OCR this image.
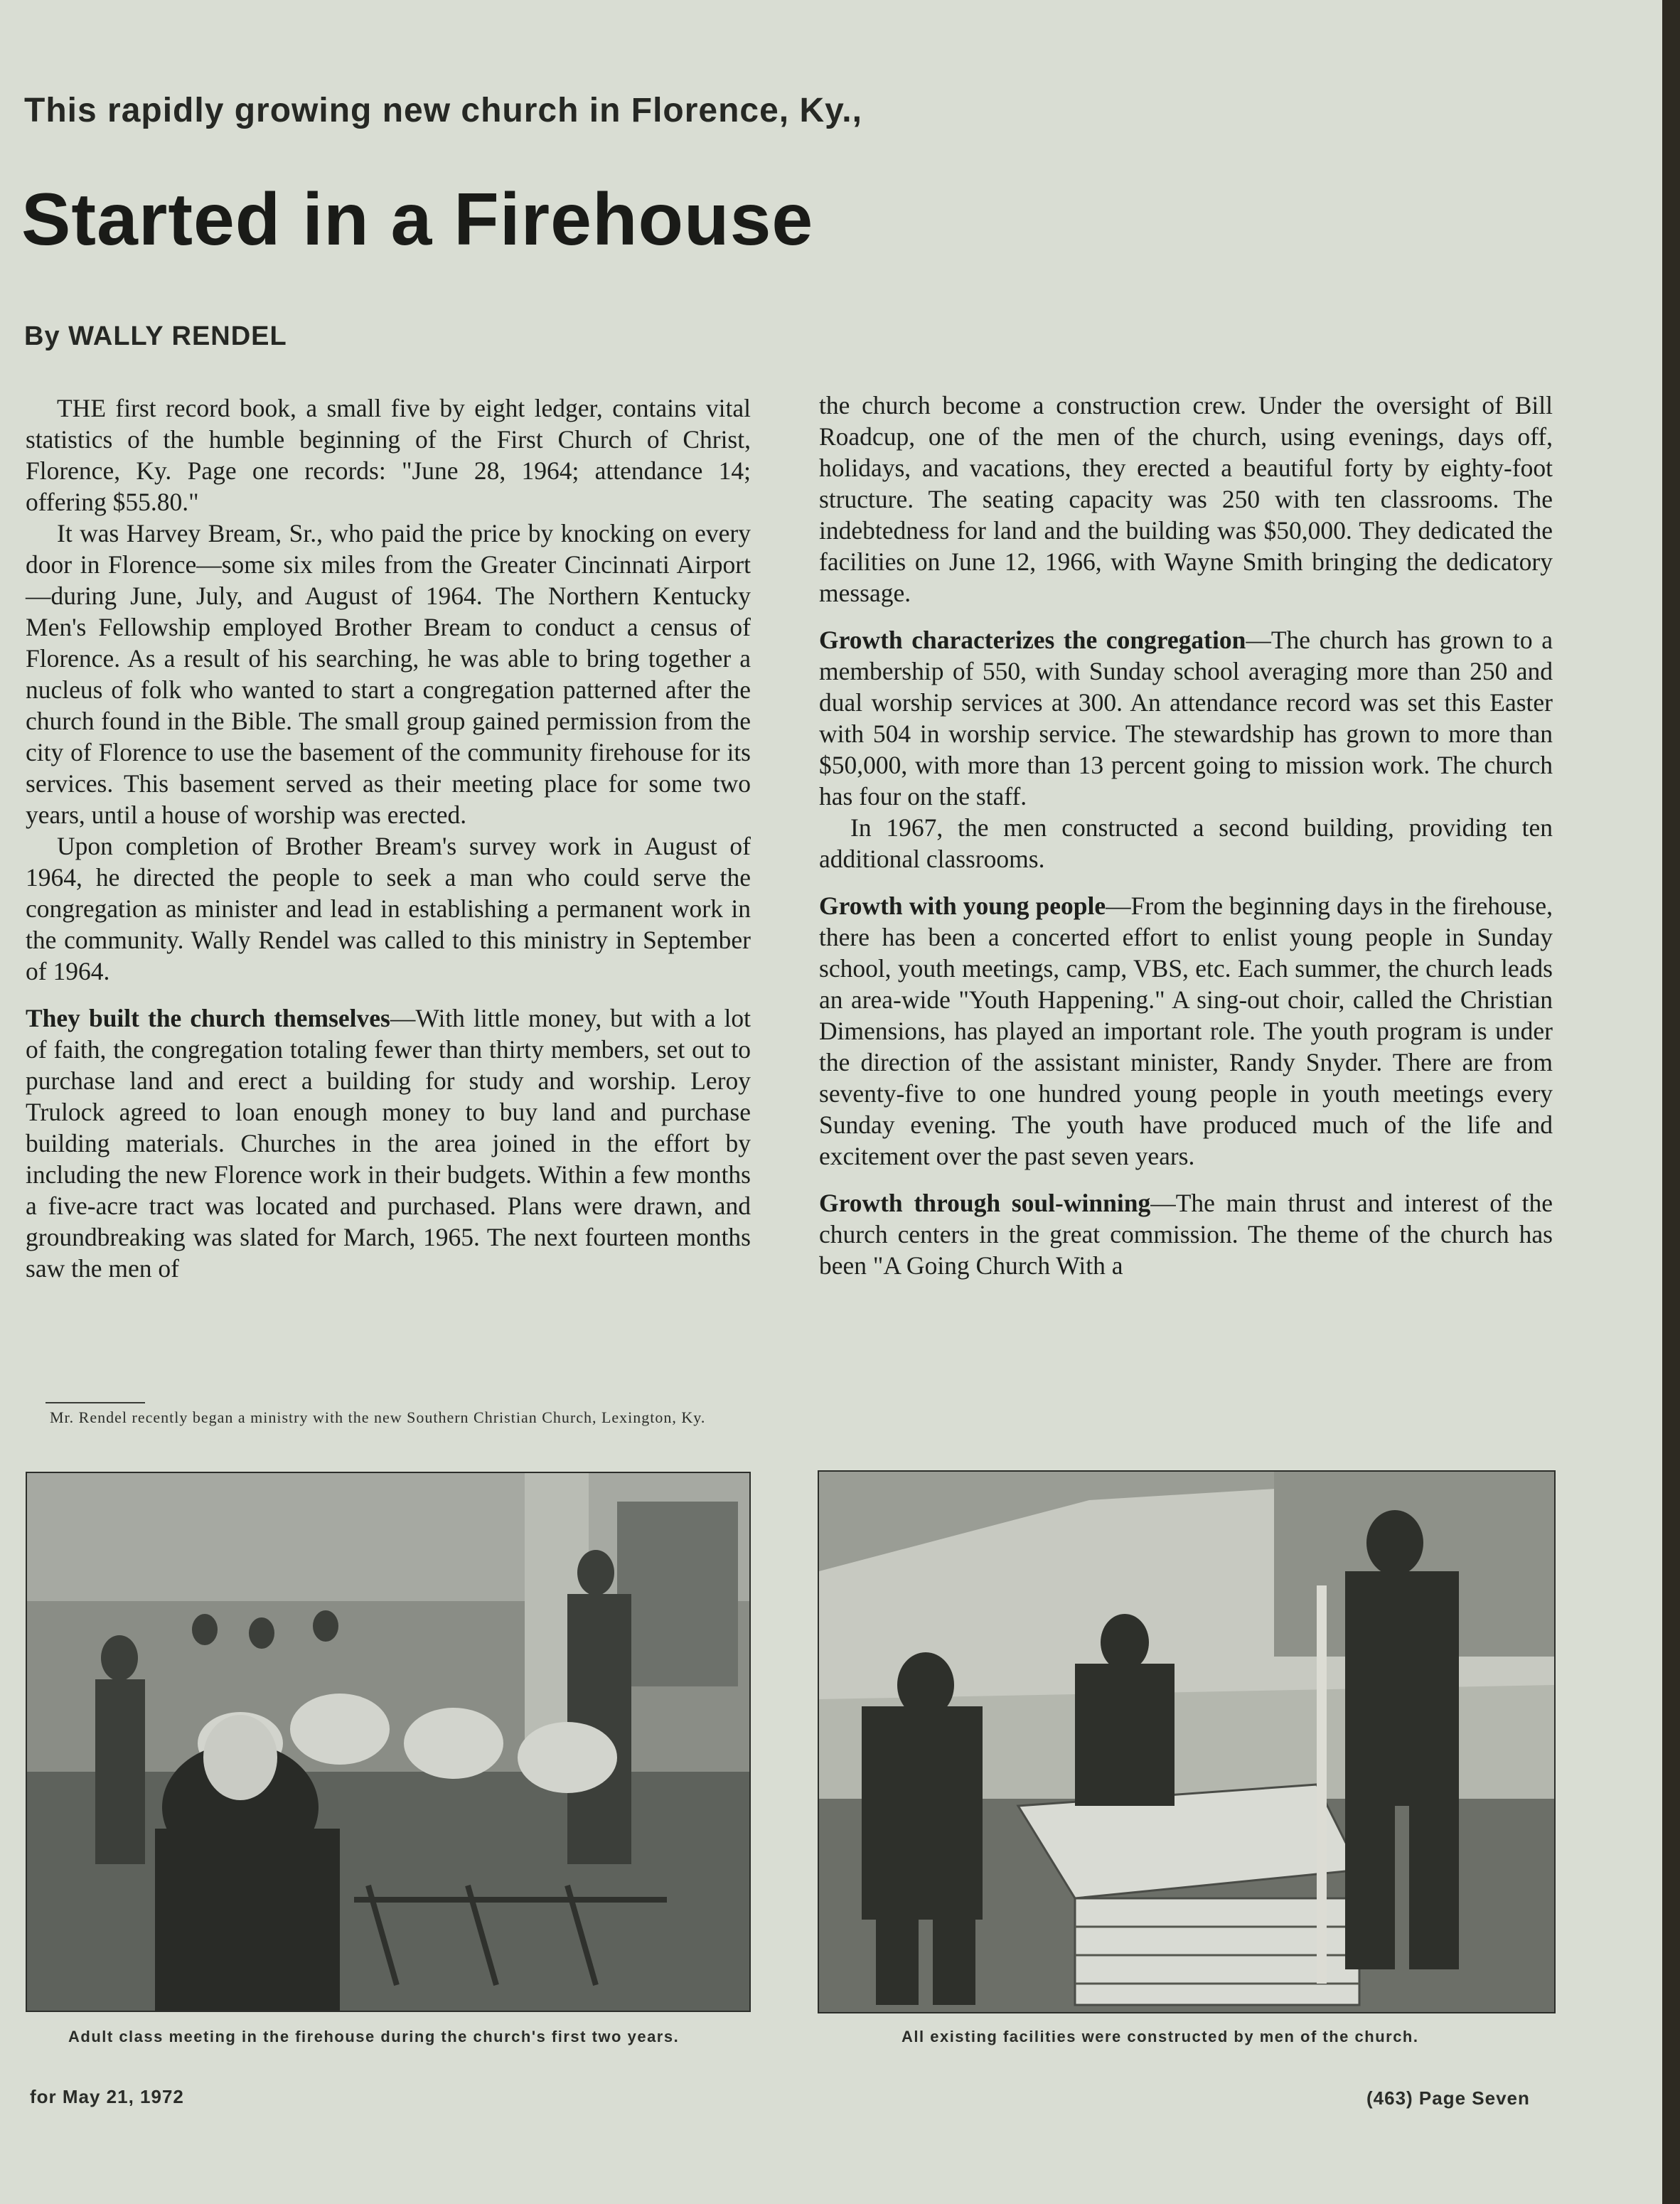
This rapidly growing new church in Florence, Ky.,
Started in a Firehouse
By WALLY RENDEL

THE first record book, a small five by eight ledger, contains vital statistics of the humble beginning of the First Church of Christ, Florence, Ky. Page one records: "June 28, 1964; attendance 14; offering $55.80."

It was Harvey Bream, Sr., who paid the price by knocking on every door in Florence—some six miles from the Greater Cincinnati Airport—during June, July, and August of 1964. The Northern Kentucky Men's Fellowship employed Brother Bream to conduct a census of Florence. As a result of his searching, he was able to bring together a nucleus of folk who wanted to start a congregation patterned after the church found in the Bible. The small group gained permission from the city of Florence to use the basement of the community firehouse for its services. This basement served as their meeting place for some two years, until a house of worship was erected.

Upon completion of Brother Bream's survey work in August of 1964, he directed the people to seek a man who could serve the congregation as minister and lead in establishing a permanent work in the community. Wally Rendel was called to this ministry in September of 1964.

They built the church themselves—With little money, but with a lot of faith, the congregation totaling fewer than thirty members, set out to purchase land and erect a building for study and worship. Leroy Trulock agreed to loan enough money to buy land and purchase building materials. Churches in the area joined in the effort by including the new Florence work in their budgets. Within a few months a five-acre tract was located and purchased. Plans were drawn, and groundbreaking was slated for March, 1965. The next fourteen months saw the men of

Mr. Rendel recently began a ministry with the new Southern Christian Church, Lexington, Ky.

the church become a construction crew. Under the oversight of Bill Roadcup, one of the men of the church, using evenings, days off, holidays, and vacations, they erected a beautiful forty by eighty-foot structure. The seating capacity was 250 with ten classrooms. The indebtedness for land and the building was $50,000. They dedicated the facilities on June 12, 1966, with Wayne Smith bringing the dedicatory message.

Growth characterizes the congregation—The church has grown to a membership of 550, with Sunday school averaging more than 250 and dual worship services at 300. An attendance record was set this Easter with 504 in worship service. The stewardship has grown to more than $50,000, with more than 13 percent going to mission work. The church has four on the staff.

In 1967, the men constructed a second building, providing ten additional classrooms.

Growth with young people—From the beginning days in the firehouse, there has been a concerted effort to enlist young people in Sunday school, youth meetings, camp, VBS, etc. Each summer, the church leads an area-wide "Youth Happening." A sing-out choir, called the Christian Dimensions, has played an important role. The youth program is under the direction of the assistant minister, Randy Snyder. There are from seventy-five to one hundred young people in youth meetings every Sunday evening. The youth have produced much of the life and excitement over the past seven years.

Growth through soul-winning—The main thrust and interest of the church centers in the great commission. The theme of the church has been "A Going Church With a

Adult class meeting in the firehouse during the church's first two years.	All existing facilities were constructed by men of the church.
for May 21, 1972	(463) Page Seven
